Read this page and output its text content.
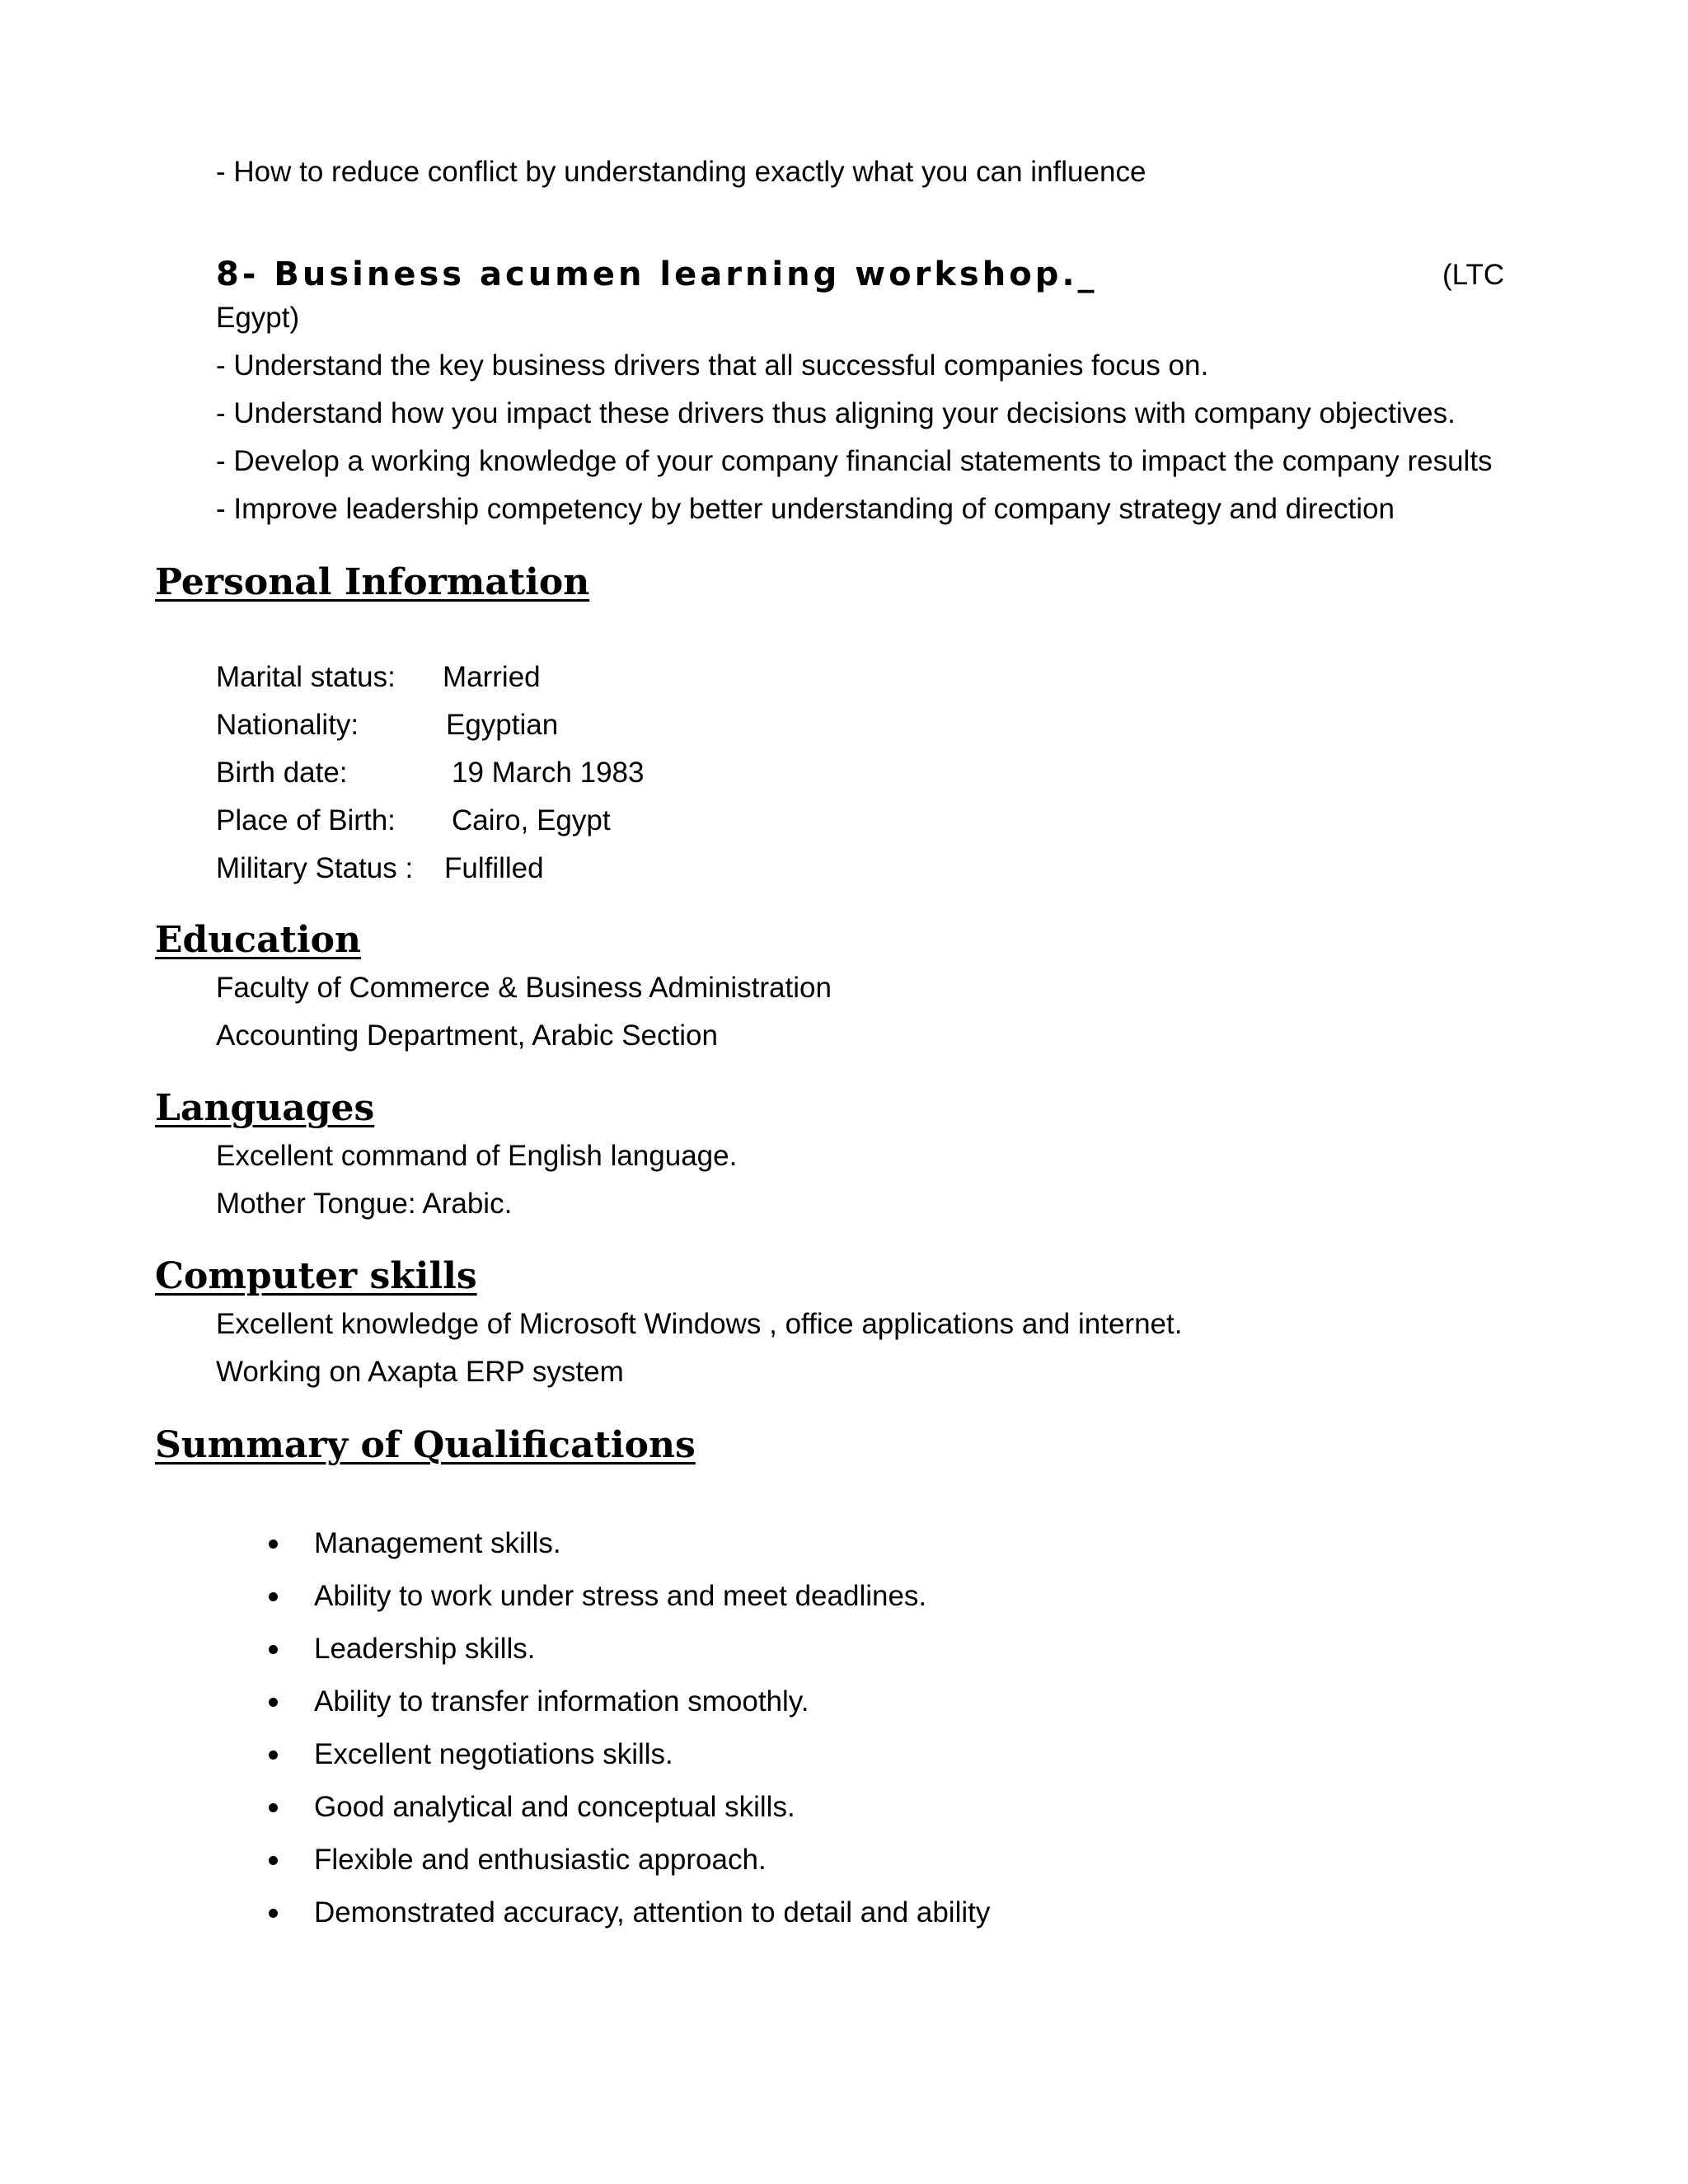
- How to reduce conflict by understanding exactly what you can influence
8- Business acumen learning workshop._	(LTC
Egypt)
- Understand the key business drivers that all successful companies focus on.
- Understand how you impact these drivers thus aligning your decisions with company objectives.
- Develop a working knowledge of your company financial statements to impact the company results
- Improve leadership competency by better understanding of company strategy and direction
Personal Information
Marital status: Married
Nationality:	Egyptian
Birth date:	19 March 1983
Place of Birth: Cairo, Egypt
Military Status : Fulfilled
Education
Faculty of Commerce & Business Administration
Accounting Department, Arabic Section
Languages
Excellent command of English language.
Mother Tongue: Arabic.
Computer skills
Excellent knowledge of Microsoft Windows , office applications and internet.
Working on Axapta ERP system
Summary of Qualifications
Management skills.
Ability to work under stress and meet deadlines.
Leadership skills.
Ability to transfer information smoothly.
Excellent negotiations skills.
Good analytical and conceptual skills.
Flexible and enthusiastic approach.
Demonstrated accuracy, attention to detail and ability
